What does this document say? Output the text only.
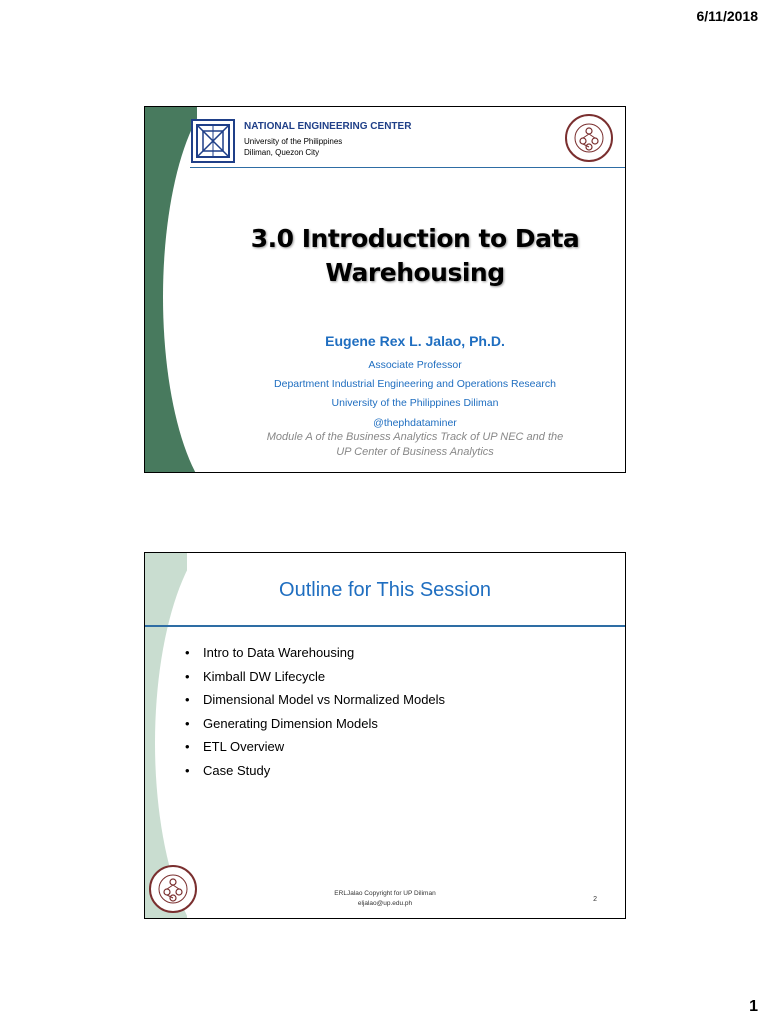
6/11/2018
NATIONAL ENGINEERING CENTER
University of the Philippines
Diliman, Quezon City
3.0 Introduction to Data
Warehousing
Eugene Rex L. Jalao, Ph.D.
Associate Professor
Department Industrial Engineering and Operations Research
University of the Philippines Diliman
@thephdataminer
Module A of the Business Analytics Track of UP NEC and the
UP Center of Business Analytics
Outline for This Session
• Intro to Data Warehousing
• Kimball DW Lifecycle
• Dimensional Model vs Normalized Models
• Generating Dimension Models
• ETL Overview
• Case Study
ERLJalao Copyright for UP Diliman
eljalao@up.edu.ph
2
1
